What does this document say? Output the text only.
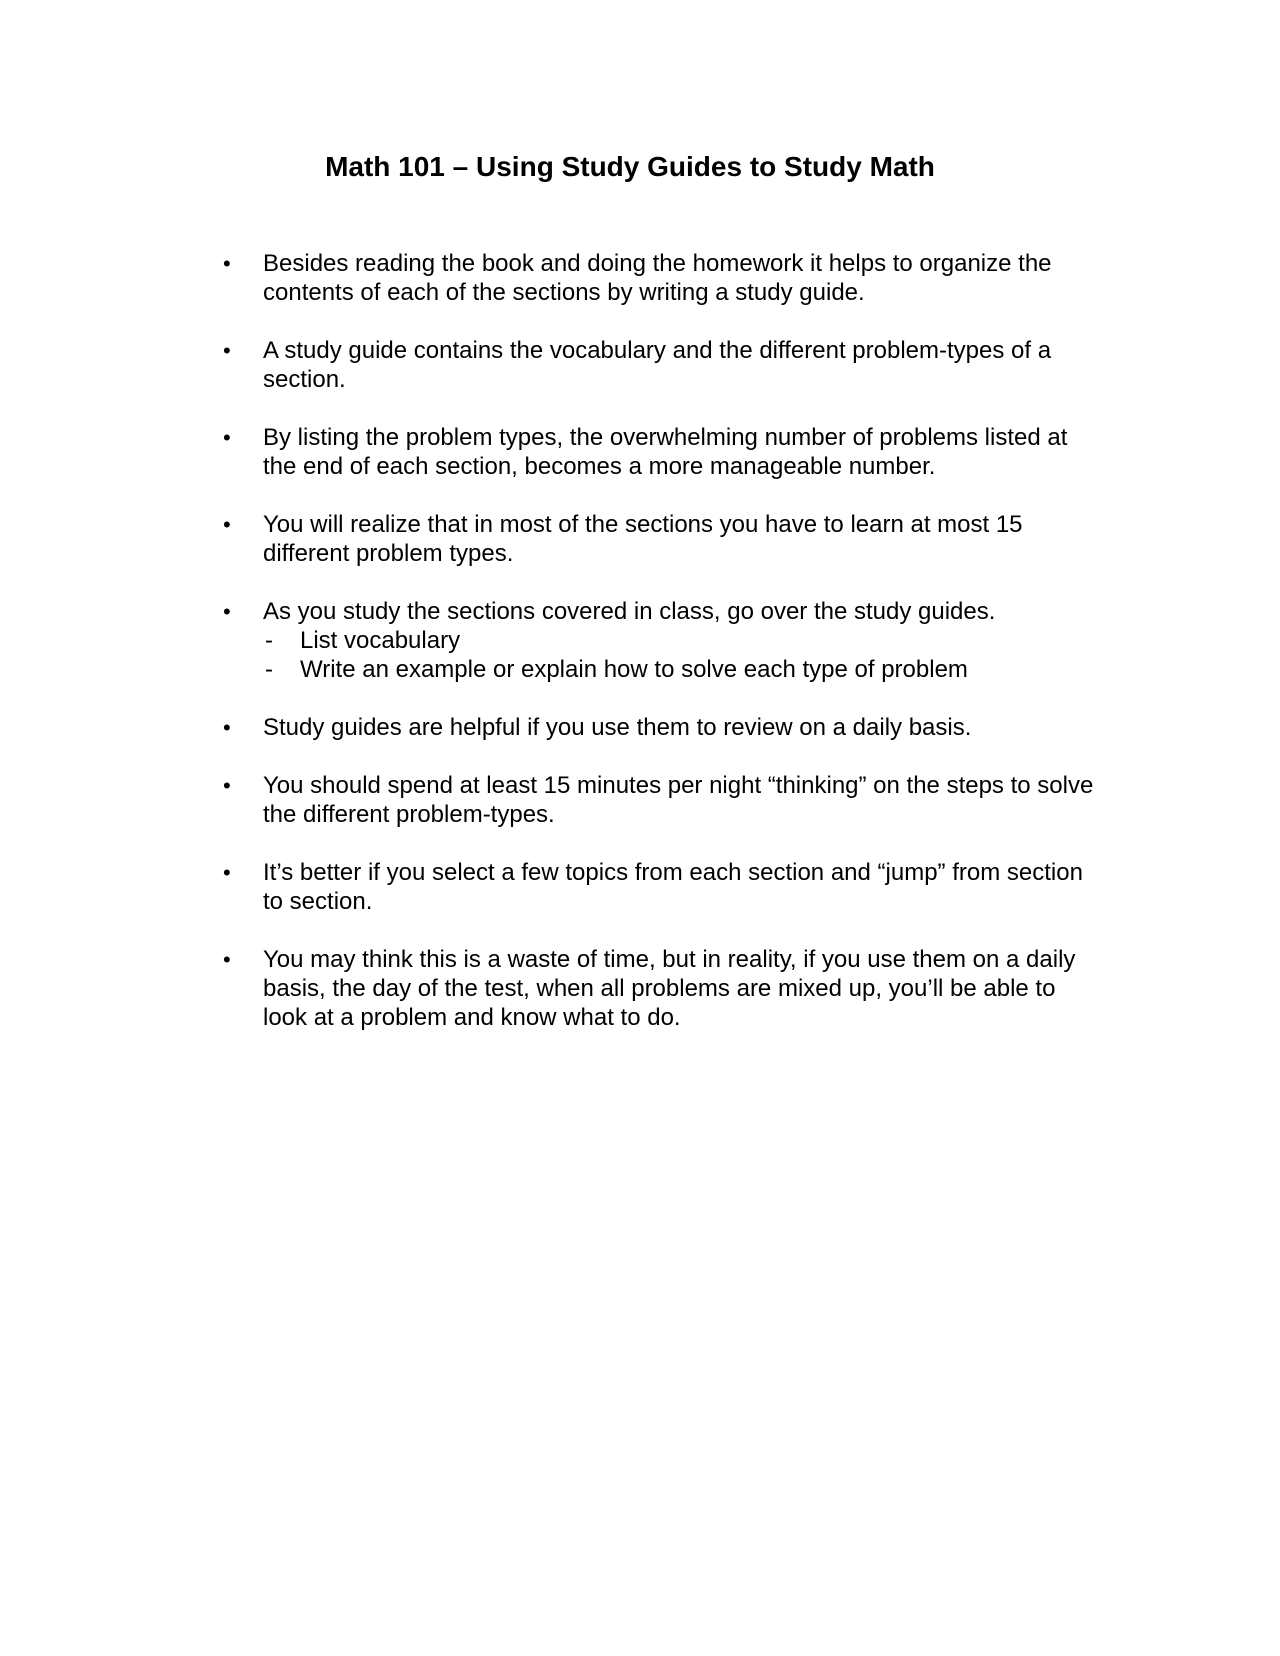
Math 101 – Using Study Guides to Study Math
• Besides reading the book and doing the homework it helps to organize the contents of each of the sections by writing a study guide.
• A study guide contains the vocabulary and the different problem-types of a section.
• By listing the problem types, the overwhelming number of problems listed at the end of each section, becomes a more manageable number.
• You will realize that in most of the sections you have to learn at most 15 different problem types.
• As you study the sections covered in class, go over the study guides.
- List vocabulary
- Write an example or explain how to solve each type of problem
• Study guides are helpful if you use them to review on a daily basis.
• You should spend at least 15 minutes per night “thinking” on the steps to solve the different problem-types.
• It’s better if you select a few topics from each section and “jump” from section to section.
• You may think this is a waste of time, but in reality, if you use them on a daily basis, the day of the test, when all problems are mixed up, you’ll be able to look at a problem and know what to do.
